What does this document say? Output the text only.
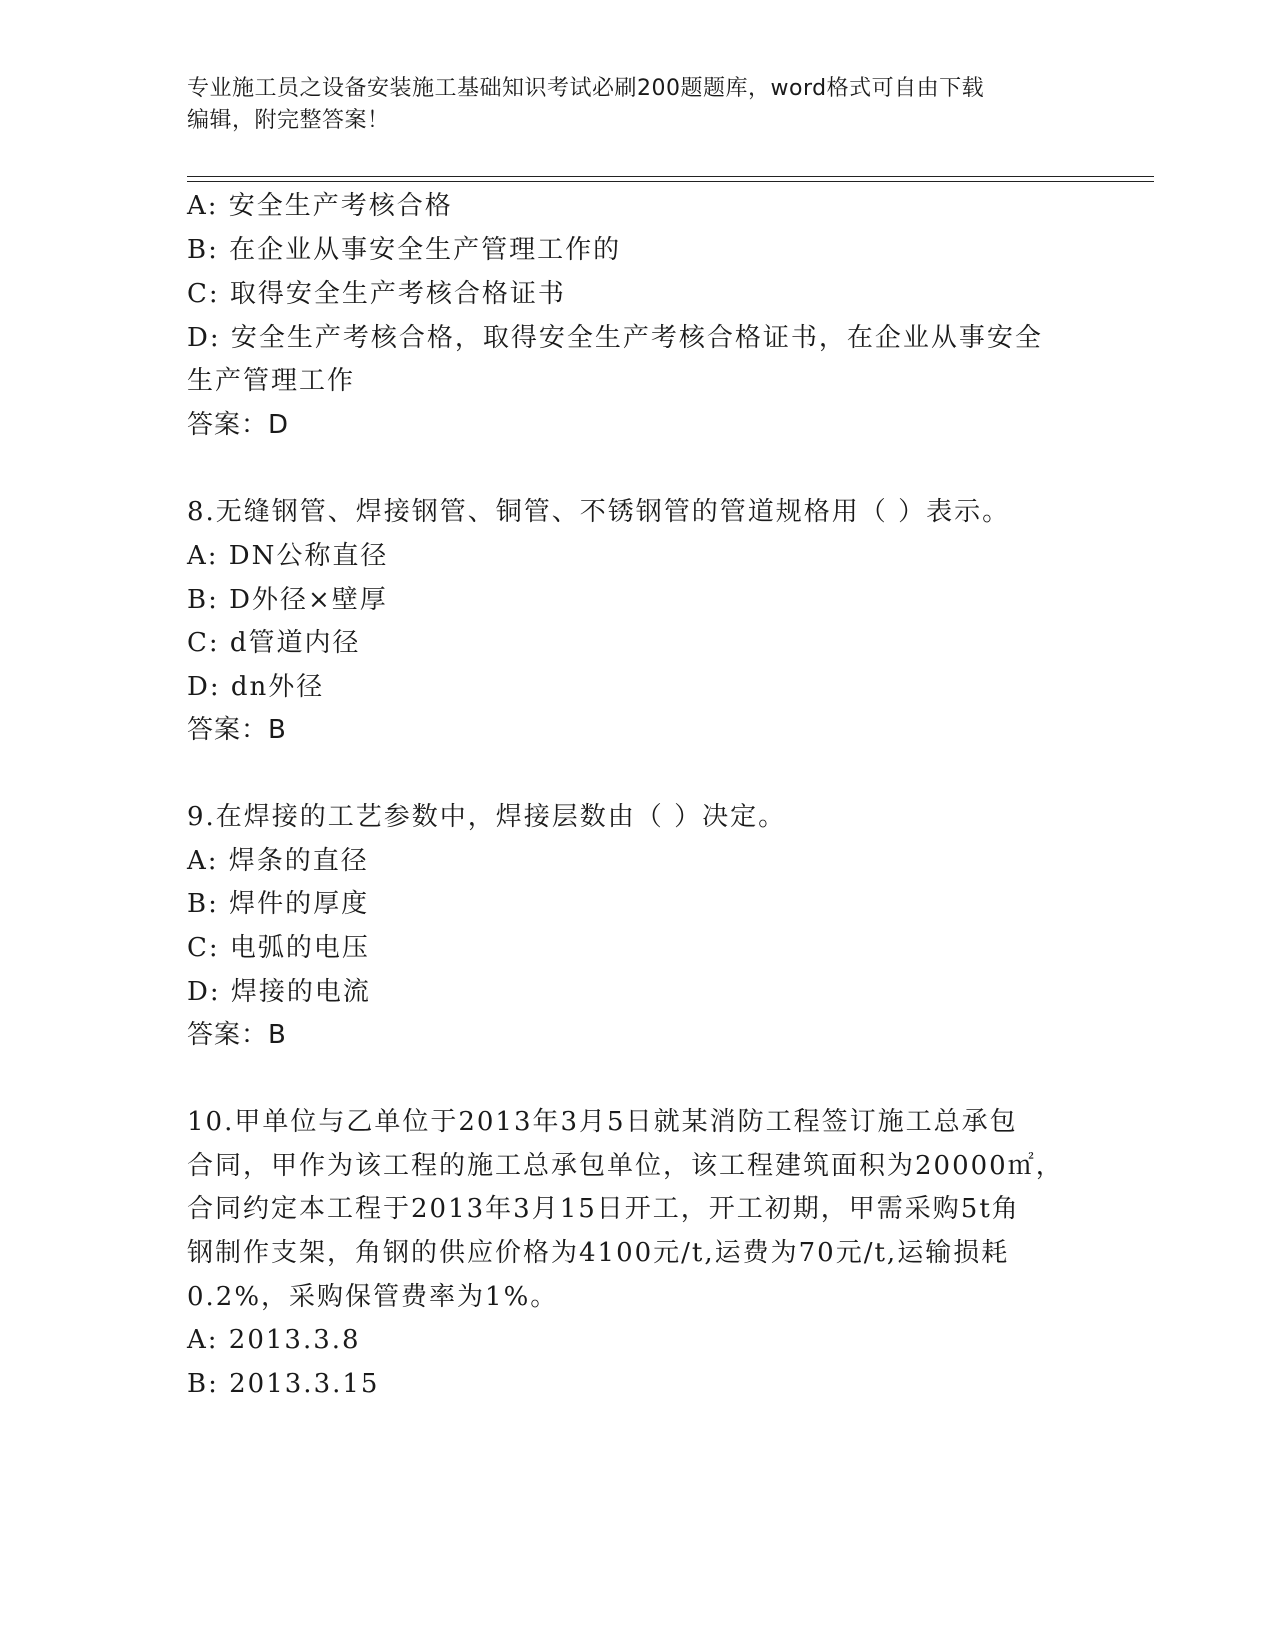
专业施工员之设备安装施工基础知识考试必刷200题题库，word格式可自由下载
编辑，附完整答案！
A: 安全生产考核合格
B: 在企业从事安全生产管理工作的
C: 取得安全生产考核合格证书
D: 安全生产考核合格，取得安全生产考核合格证书，在企业从事安全
生产管理工作
答案：D
8.无缝钢管、焊接钢管、铜管、不锈钢管的管道规格用（ ）表示。
A: DN公称直径
B: D外径×壁厚
C: d管道内径
D: dn外径
答案：B
9.在焊接的工艺参数中，焊接层数由（ ）决定。
A: 焊条的直径
B: 焊件的厚度
C: 电弧的电压
D: 焊接的电流
答案：B
10.甲单位与乙单位于2013年3月5日就某消防工程签订施工总承包
合同，甲作为该工程的施工总承包单位，该工程建筑面积为20000㎡，
合同约定本工程于2013年3月15日开工，开工初期，甲需采购5t角
钢制作支架，角钢的供应价格为4100元/t,运费为70元/t,运输损耗
0.2%，采购保管费率为1%。
A: 2013.3.8
B: 2013.3.15
